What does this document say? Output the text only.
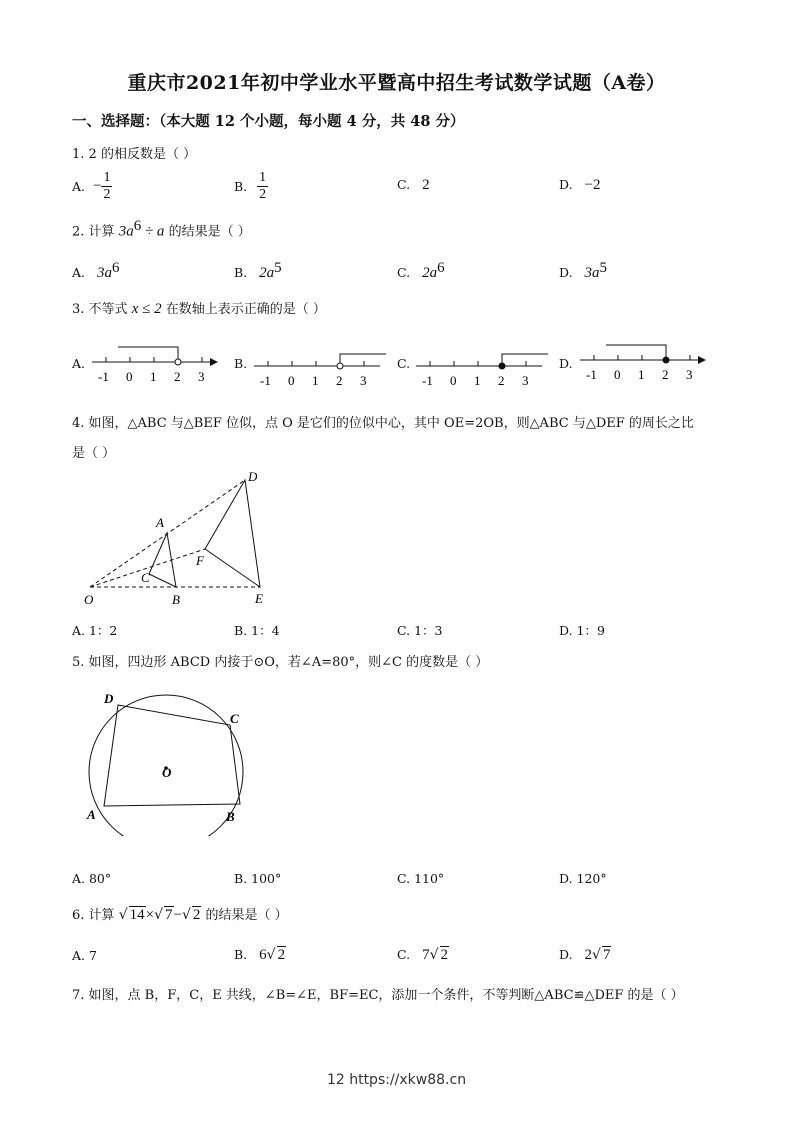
重庆市2021年初中学业水平暨高中招生考试数学试题（A卷）
一、选择题：（本大题 12 个小题，每小题 4 分，共 48 分）
1. 2 的相反数是（ ）
A. − $\frac{1}{2}$	B. $\frac{1}{2}$	C. 2	D. −2
2. 计算 $3a^6 \div a$ 的结果是（ ）
A. $3a^6$	B. $2a^5$	C. $2a^6$	D. $3a^5$
3. 不等式 x ≤ 2 在数轴上表示正确的是（ ）
A.
-1 0 1 2 3
B.
-1 0 1 2 3
C.
-1 0 1 2 3
D.
-1 0 1 2 3
4. 如图，△ABC 与△BEF 位似，点 O 是它们的位似中心，其中 OE=2OB，则△ABC 与△DEF 的周长之比
是（ ）
D
A
F
C
O	B	E
A. 1：2	B. 1：4	C. 1：3	D. 1：9
5. 如图，四边形 ABCD 内接于⊙O，若∠A=80°，则∠C 的度数是（ ）
D
C
O
A	B
A. 80°	B. 100°	C. 110°	D. 120°
6. 计算 √ 14×√ 7−√ 2 的结果是（ ）
A. 7	B. 6√ 2	C. 7√ 2	D. 2√ 7
7. 如图，点 B，F，C，E 共线，∠B=∠E，BF=EC，添加一个条件，不等判断△ABC≌△DEF 的是（ ）
12 https://xkw88.cn
